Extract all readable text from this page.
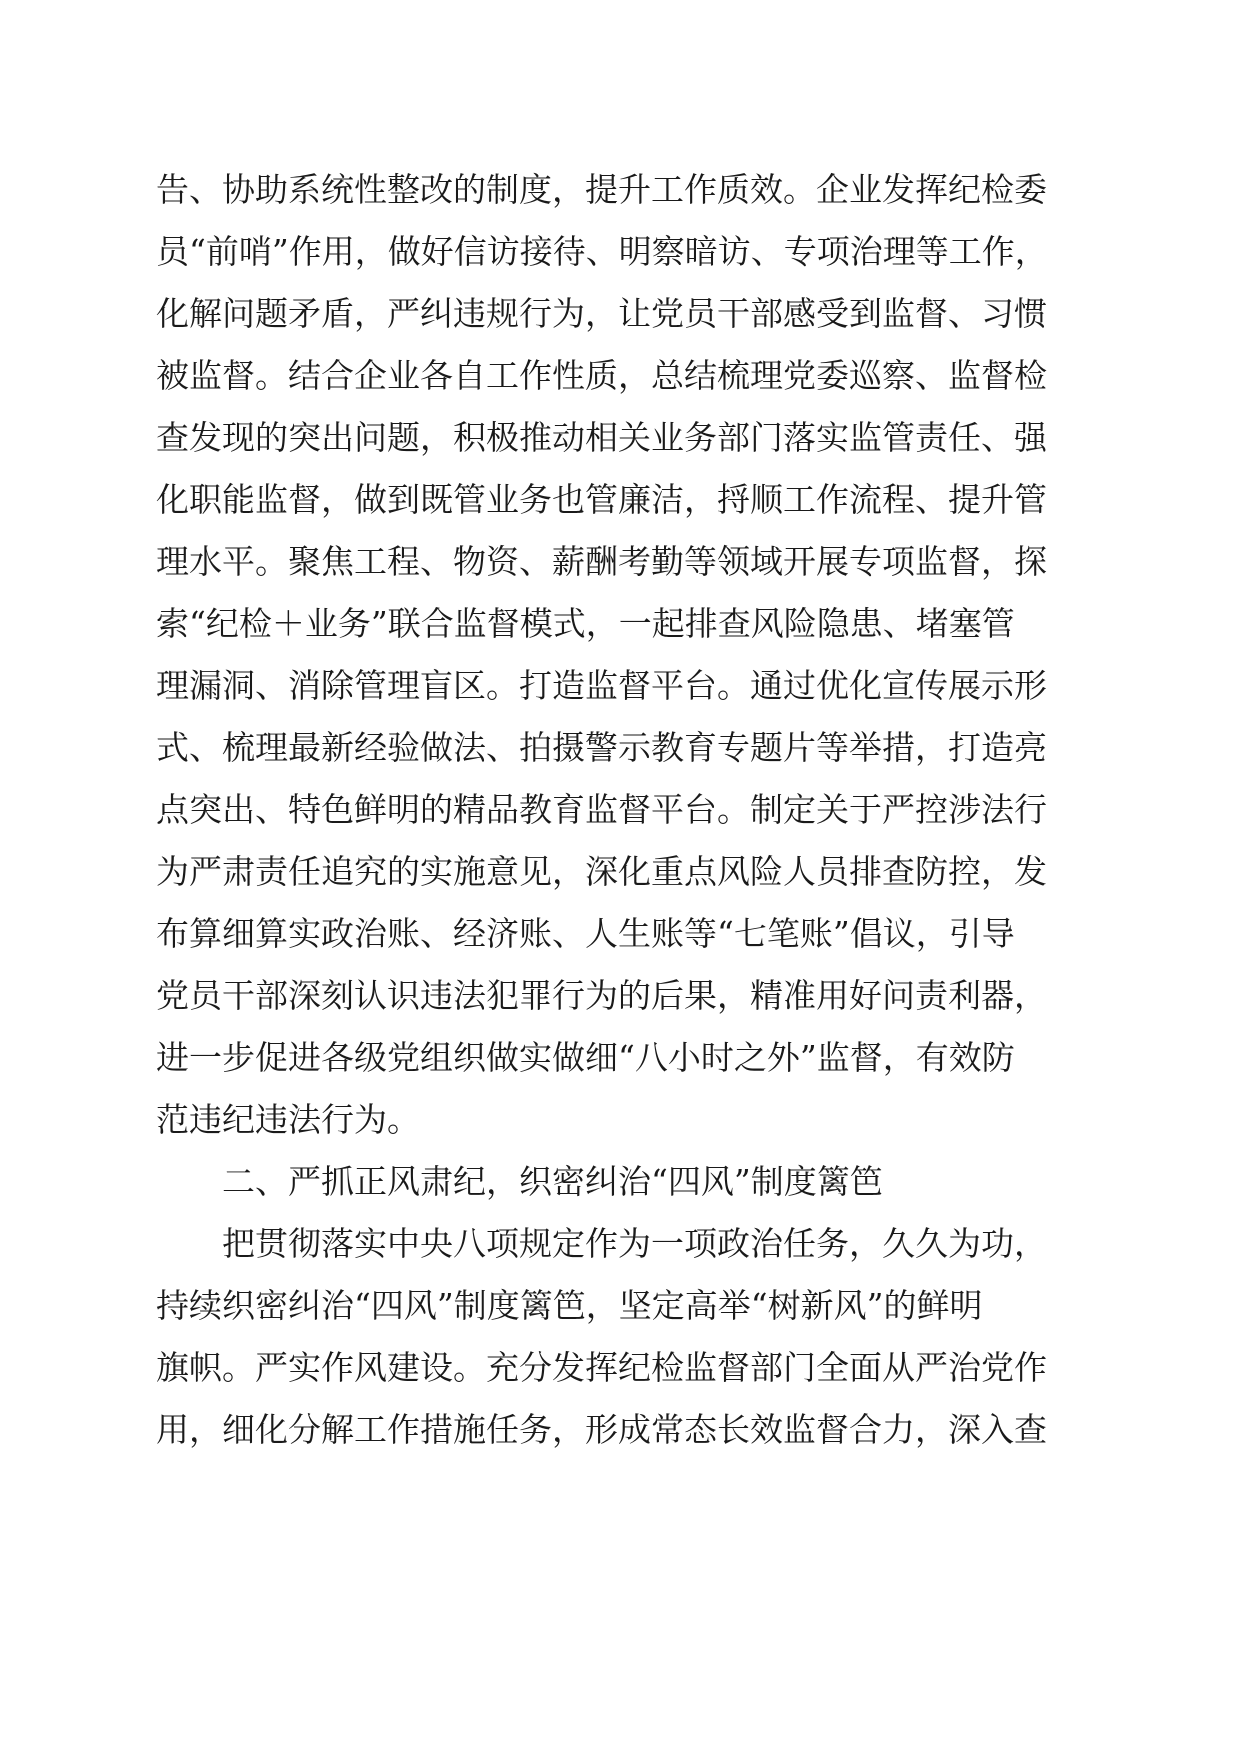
告、协助系统性整改的制度，提升工作质效。企业发挥纪检委
员“前哨”作用，做好信访接待、明察暗访、专项治理等工作，
化解问题矛盾，严纠违规行为，让党员干部感受到监督、习惯
被监督。结合企业各自工作性质，总结梳理党委巡察、监督检
查发现的突出问题，积极推动相关业务部门落实监管责任、强
化职能监督，做到既管业务也管廉洁，捋顺工作流程、提升管
理水平。聚焦工程、物资、薪酬考勤等领域开展专项监督，探
索“纪检＋业务”联合监督模式，一起排查风险隐患、堵塞管
理漏洞、消除管理盲区。打造监督平台。通过优化宣传展示形
式、梳理最新经验做法、拍摄警示教育专题片等举措，打造亮
点突出、特色鲜明的精品教育监督平台。制定关于严控涉法行
为严肃责任追究的实施意见，深化重点风险人员排查防控，发
布算细算实政治账、经济账、人生账等“七笔账”倡议，引导
党员干部深刻认识违法犯罪行为的后果，精准用好问责利器，
进一步促进各级党组织做实做细“八小时之外”监督，有效防
范违纪违法行为。
二、严抓正风肃纪，织密纠治“四风”制度篱笆
把贯彻落实中央八项规定作为一项政治任务，久久为功，
持续织密纠治“四风”制度篱笆，坚定高举“树新风”的鲜明
旗帜。严实作风建设。充分发挥纪检监督部门全面从严治党作
用，细化分解工作措施任务，形成常态长效监督合力，深入查
